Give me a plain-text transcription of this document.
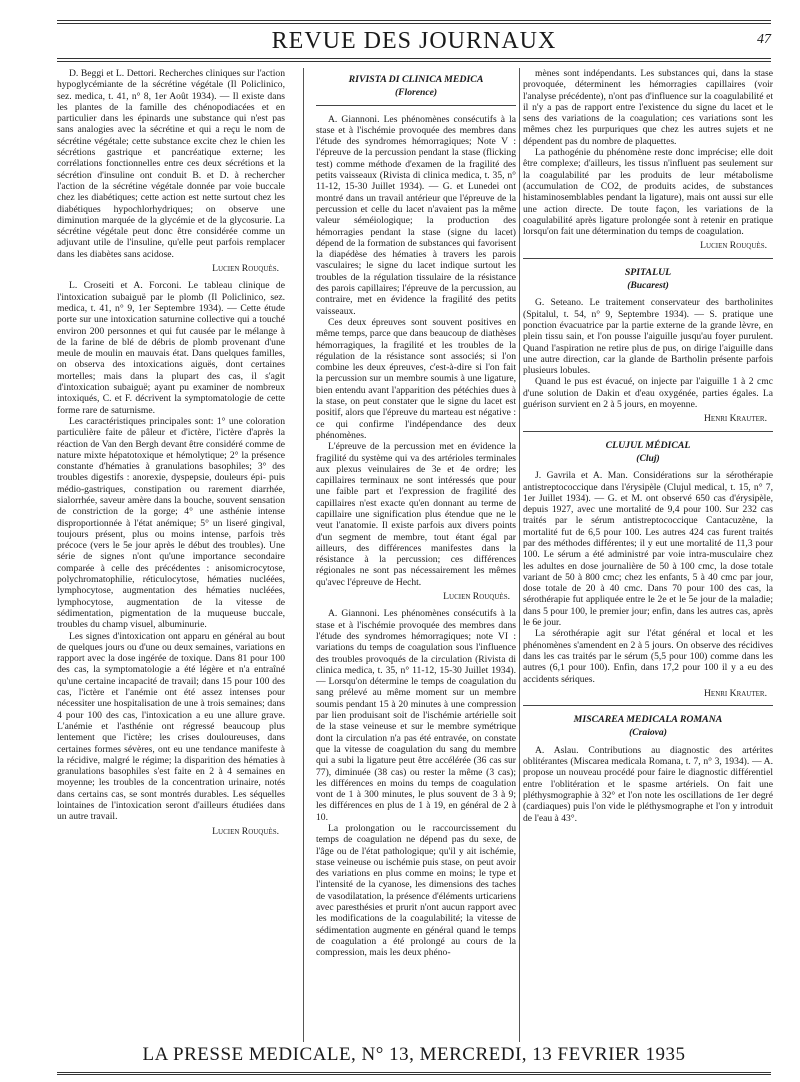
REVUE DES JOURNAUX	47

D. Beggi et L. Dettori. Recherches cliniques sur l'action hypoglycémiante de la sécrétine végétale (Il Policlinico, sez. medica, t. 41, n° 8, 1er Août 1934). — Il existe dans les plantes de la famille des chénopodiacées et en particulier dans les épinards une substance qui n'est pas sans analogies avec la sécrétine et qui a reçu le nom de sécrétine végétale; cette substance excite chez le chien les sécrétions gastrique et pancréatique externe; les corrélations fonctionnelles entre ces deux sécrétions et la sécrétion d'insuline ont conduit B. et D. à rechercher l'action de la sécrétine végétale donnée par voie buccale chez les diabétiques; cette action est nette surtout chez les diabétiques hypochlorhydriques; on observe une diminution marquée de la glycémie et de la glycosurie. La sécrétine végétale peut donc être considérée comme un adjuvant utile de l'insuline, qu'elle peut parfois remplacer dans les diabètes sans acidose.

Lucien Rouquès.

L. Croseiti et A. Forconi. Le tableau clinique de l'intoxication subaiguë par le plomb (Il Policlinico, sez. medica, t. 41, n° 9, 1er Septembre 1934). — Cette étude porte sur une intoxication saturnine collective qui a touché environ 200 personnes et qui fut causée par le mélange à de la farine de blé de débris de plomb provenant d'une meule de moulin en mauvais état. Dans quelques familles, on observa des intoxications aiguës, dont certaines mortelles; mais dans la plupart des cas, il s'agit d'intoxication subaiguë; ayant pu examiner de nombreux intoxiqués, C. et F. décrivent la symptomatologie de cette forme rare de saturnisme.

Les caractéristiques principales sont: 1° une coloration particulière faite de pâleur et d'ictère, l'ictère d'après la réaction de Van den Bergh devant être considéré comme de nature mixte hépatotoxique et hémolytique; 2° la présence constante d'hématies à granulations basophiles; 3° des troubles digestifs : anorexie, dyspepsie, douleurs épi- puis médio-gastriques, constipation ou rarement diarrhée, sialorrhée, saveur amère dans la bouche, souvent sensation de constriction de la gorge; 4° une asthénie intense disproportionnée à l'état anémique; 5° un liseré gingival, toujours présent, plus ou moins intense, parfois très précoce (vers le 5e jour après le début des troubles). Une série de signes n'ont qu'une importance secondaire comparée à celle des précédentes : anisomicrocytose, polychromatophilie, réticulocytose, hématies nucléées, lymphocytose, augmentation des hématies nucléées, lymphocytose, augmentation de la vitesse de sédimentation, pigmentation de la muqueuse buccale, troubles du champ visuel, albuminurie.

Les signes d'intoxication ont apparu en général au bout de quelques jours ou d'une ou deux semaines, variations en rapport avec la dose ingérée de toxique. Dans 81 pour 100 des cas, la symptomatologie a été légère et n'a entraîné qu'une certaine incapacité de travail; dans 15 pour 100 des cas, l'ictère et l'anémie ont été assez intenses pour nécessiter une hospitalisation de une à trois semaines; dans 4 pour 100 des cas, l'intoxication a eu une allure grave. L'anémie et l'asthénie ont régressé beaucoup plus lentement que l'ictère; les crises douloureuses, dans certaines formes sévères, ont eu une tendance manifeste à la récidive, malgré le régime; la disparition des hématies à granulations basophiles s'est faite en 2 à 4 semaines en moyenne; les troubles de la concentration urinaire, notés dans certains cas, se sont montrés durables. Les séquelles lointaines de l'intoxication seront d'ailleurs étudiées dans un autre travail.

Lucien Rouquès.
RIVISTA DI CLINICA MEDICA
(Florence)

A. Giannoni. Les phénomènes consécutifs à la stase et à l'ischémie provoquée des membres dans l'étude des syndromes hémorragiques; Note V : l'épreuve de la percussion pendant la stase (flicking test) comme méthode d'examen de la fragilité des petits vaisseaux (Rivista di clinica medica, t. 35, n° 11-12, 15-30 Juillet 1934). — G. et Lunedei ont montré dans un travail antérieur que l'épreuve de la percussion et celle du lacet n'avaient pas la même valeur séméiologique; la production des hémorragies pendant la stase (signe du lacet) dépend de la formation de substances qui favorisent la diapédèse des hématies à travers les parois vasculaires; le signe du lacet indique surtout les troubles de la régulation tissulaire de la résistance des parois capillaires; l'épreuve de la percussion, au contraire, met en évidence la fragilité des petits vaisseaux.

Ces deux épreuves sont souvent positives en même temps, parce que dans beaucoup de diathèses hémorragiques, la fragilité et les troubles de la régulation de la résistance sont associés; si l'on combine les deux épreuves, c'est-à-dire si l'on fait la percussion sur un membre soumis à une ligature, bien entendu avant l'apparition des pétéchies dues à la stase, on peut constater que le signe du lacet est positif, alors que l'épreuve du marteau est négative : ce qui confirme l'indépendance des deux phénomènes.

L'épreuve de la percussion met en évidence la fragilité du système qui va des artérioles terminales aux plexus veinulaires de 3e et 4e ordre; les capillaires terminaux ne sont intéressés que pour une faible part et l'expression de fragilité des capillaires n'est exacte qu'en donnant au terme de capillaire une signification plus étendue que ne le veut l'anatomie. Il existe parfois aux divers points d'un segment de membre, tout étant égal par ailleurs, des différences manifestes dans la résistance à la percussion; ces différences régionales ne sont pas nécessairement les mêmes qu'avec l'épreuve de Hecht.

Lucien Rouquès.

A. Giannoni. Les phénomènes consécutifs à la stase et à l'ischémie provoquée des membres dans l'étude des syndromes hémorragiques; note VI : variations du temps de coagulation sous l'influence des troubles provoqués de la circulation (Rivista di clinica medica, t. 35, n° 11-12, 15-30 Juillet 1934). — Lorsqu'on détermine le temps de coagulation du sang prélevé au même moment sur un membre soumis pendant 15 à 20 minutes à une compression par lien produisant soit de l'ischémie artérielle soit de la stase veineuse et sur le membre symétrique dont la circulation n'a pas été entravée, on constate que la vitesse de coagulation du sang du membre qui a subi la ligature peut être accélérée (36 cas sur 77), diminuée (38 cas) ou rester la même (3 cas); les différences en moins du temps de coagulation vont de 1 à 300 minutes, le plus souvent de 3 à 9; les différences en plus de 1 à 19, en général de 2 à 10.

La prolongation ou le raccourcissement du temps de coagulation ne dépend pas du sexe, de l'âge ou de l'état pathologique; qu'il y ait ischémie, stase veineuse ou ischémie puis stase, on peut avoir des variations en plus comme en moins; le type et l'intensité de la cyanose, les dimensions des taches de vasodilatation, la présence d'éléments urticariens avec paresthésies et prurit n'ont aucun rapport avec les modifications de la coagulabilité; la vitesse de sédimentation augmente en général quand le temps de coagulation a été prolongé au cours de la compression, mais les deux phéno-

mènes sont indépendants. Les substances qui, dans la stase provoquée, déterminent les hémorragies capillaires (voir l'analyse précédente), n'ont pas d'influence sur la coagulabilité et il n'y a pas de rapport entre l'existence du signe du lacet et le sens des variations de la coagulation; ces variations sont les mêmes chez les purpuriques que chez les autres sujets et ne dépendent pas du nombre de plaquettes.

La pathogénie du phénomène reste donc imprécise; elle doit être complexe; d'ailleurs, les tissus n'influent pas seulement sur la coagulabilité par les produits de leur métabolisme (accumulation de CO2, de produits acides, de substances histaminosemblables pendant la ligature), mais ont aussi sur elle une action directe. De toute façon, les variations de la coagulabilité après ligature prolongée sont à retenir en pratique lorsqu'on fait une détermination du temps de coagulation.

Lucien Rouquès.
SPITALUL
(Bucarest)

G. Seteano. Le traitement conservateur des bartholinites (Spitalul, t. 54, n° 9, Septembre 1934). — S. pratique une ponction évacuatrice par la partie externe de la grande lèvre, en plein tissu sain, et l'on pousse l'aiguille jusqu'au foyer purulent. Quand l'aspiration ne retire plus de pus, on dirige l'aiguille dans une autre direction, car la glande de Bartholin présente parfois plusieurs lobules.

Quand le pus est évacué, on injecte par l'aiguille 1 à 2 cmc d'une solution de Dakin et d'eau oxygénée, parties égales. La guérison survient en 2 à 5 jours, en moyenne.

Henri Krauter.
CLUJUL MÉDICAL
(Cluj)

J. Gavrila et A. Man. Considérations sur la sérothérapie antistreptococcique dans l'érysipèle (Clujul medical, t. 15, n° 7, 1er Juillet 1934). — G. et M. ont observé 650 cas d'érysipèle, depuis 1927, avec une mortalité de 9,4 pour 100. Sur 232 cas traités par le sérum antistreptococcique Cantacuzène, la mortalité fut de 6,5 pour 100. Les autres 424 cas furent traités par des méthodes différentes; il y eut une mortalité de 11,3 pour 100. Le sérum a été administré par voie intra-musculaire chez les adultes en dose journalière de 50 à 100 cmc, la dose totale variant de 50 à 800 cmc; chez les enfants, 5 à 40 cmc par jour, dose totale de 20 à 40 cmc. Dans 70 pour 100 des cas, la sérothérapie fut appliquée entre le 2e et le 5e jour de la maladie; dans 5 pour 100, le premier jour; enfin, dans les autres cas, après le 6e jour.

La sérothérapie agit sur l'état général et local et les phénomènes s'amendent en 2 à 5 jours. On observe des récidives dans les cas traités par le sérum (5,5 pour 100) comme dans les autres (6,1 pour 100). Enfin, dans 17,2 pour 100 il y a eu des accidents sériques.

Henri Krauter.
MISCAREA MEDICALA ROMANA
(Craiova)

A. Aslau. Contributions au diagnostic des artérites oblitérantes (Miscarea medicala Romana, t. 7, n° 3, 1934). — A. propose un nouveau procédé pour faire le diagnostic différentiel entre l'oblitération et le spasme artériels. On fait une pléthysmographie à 32° et l'on note les oscillations de 1er degré (cardiaques) puis l'on vide le pléthysmographe et l'on y introduit de l'eau à 43°.

LA PRESSE MEDICALE, N° 13, MERCREDI, 13 FEVRIER 1935
